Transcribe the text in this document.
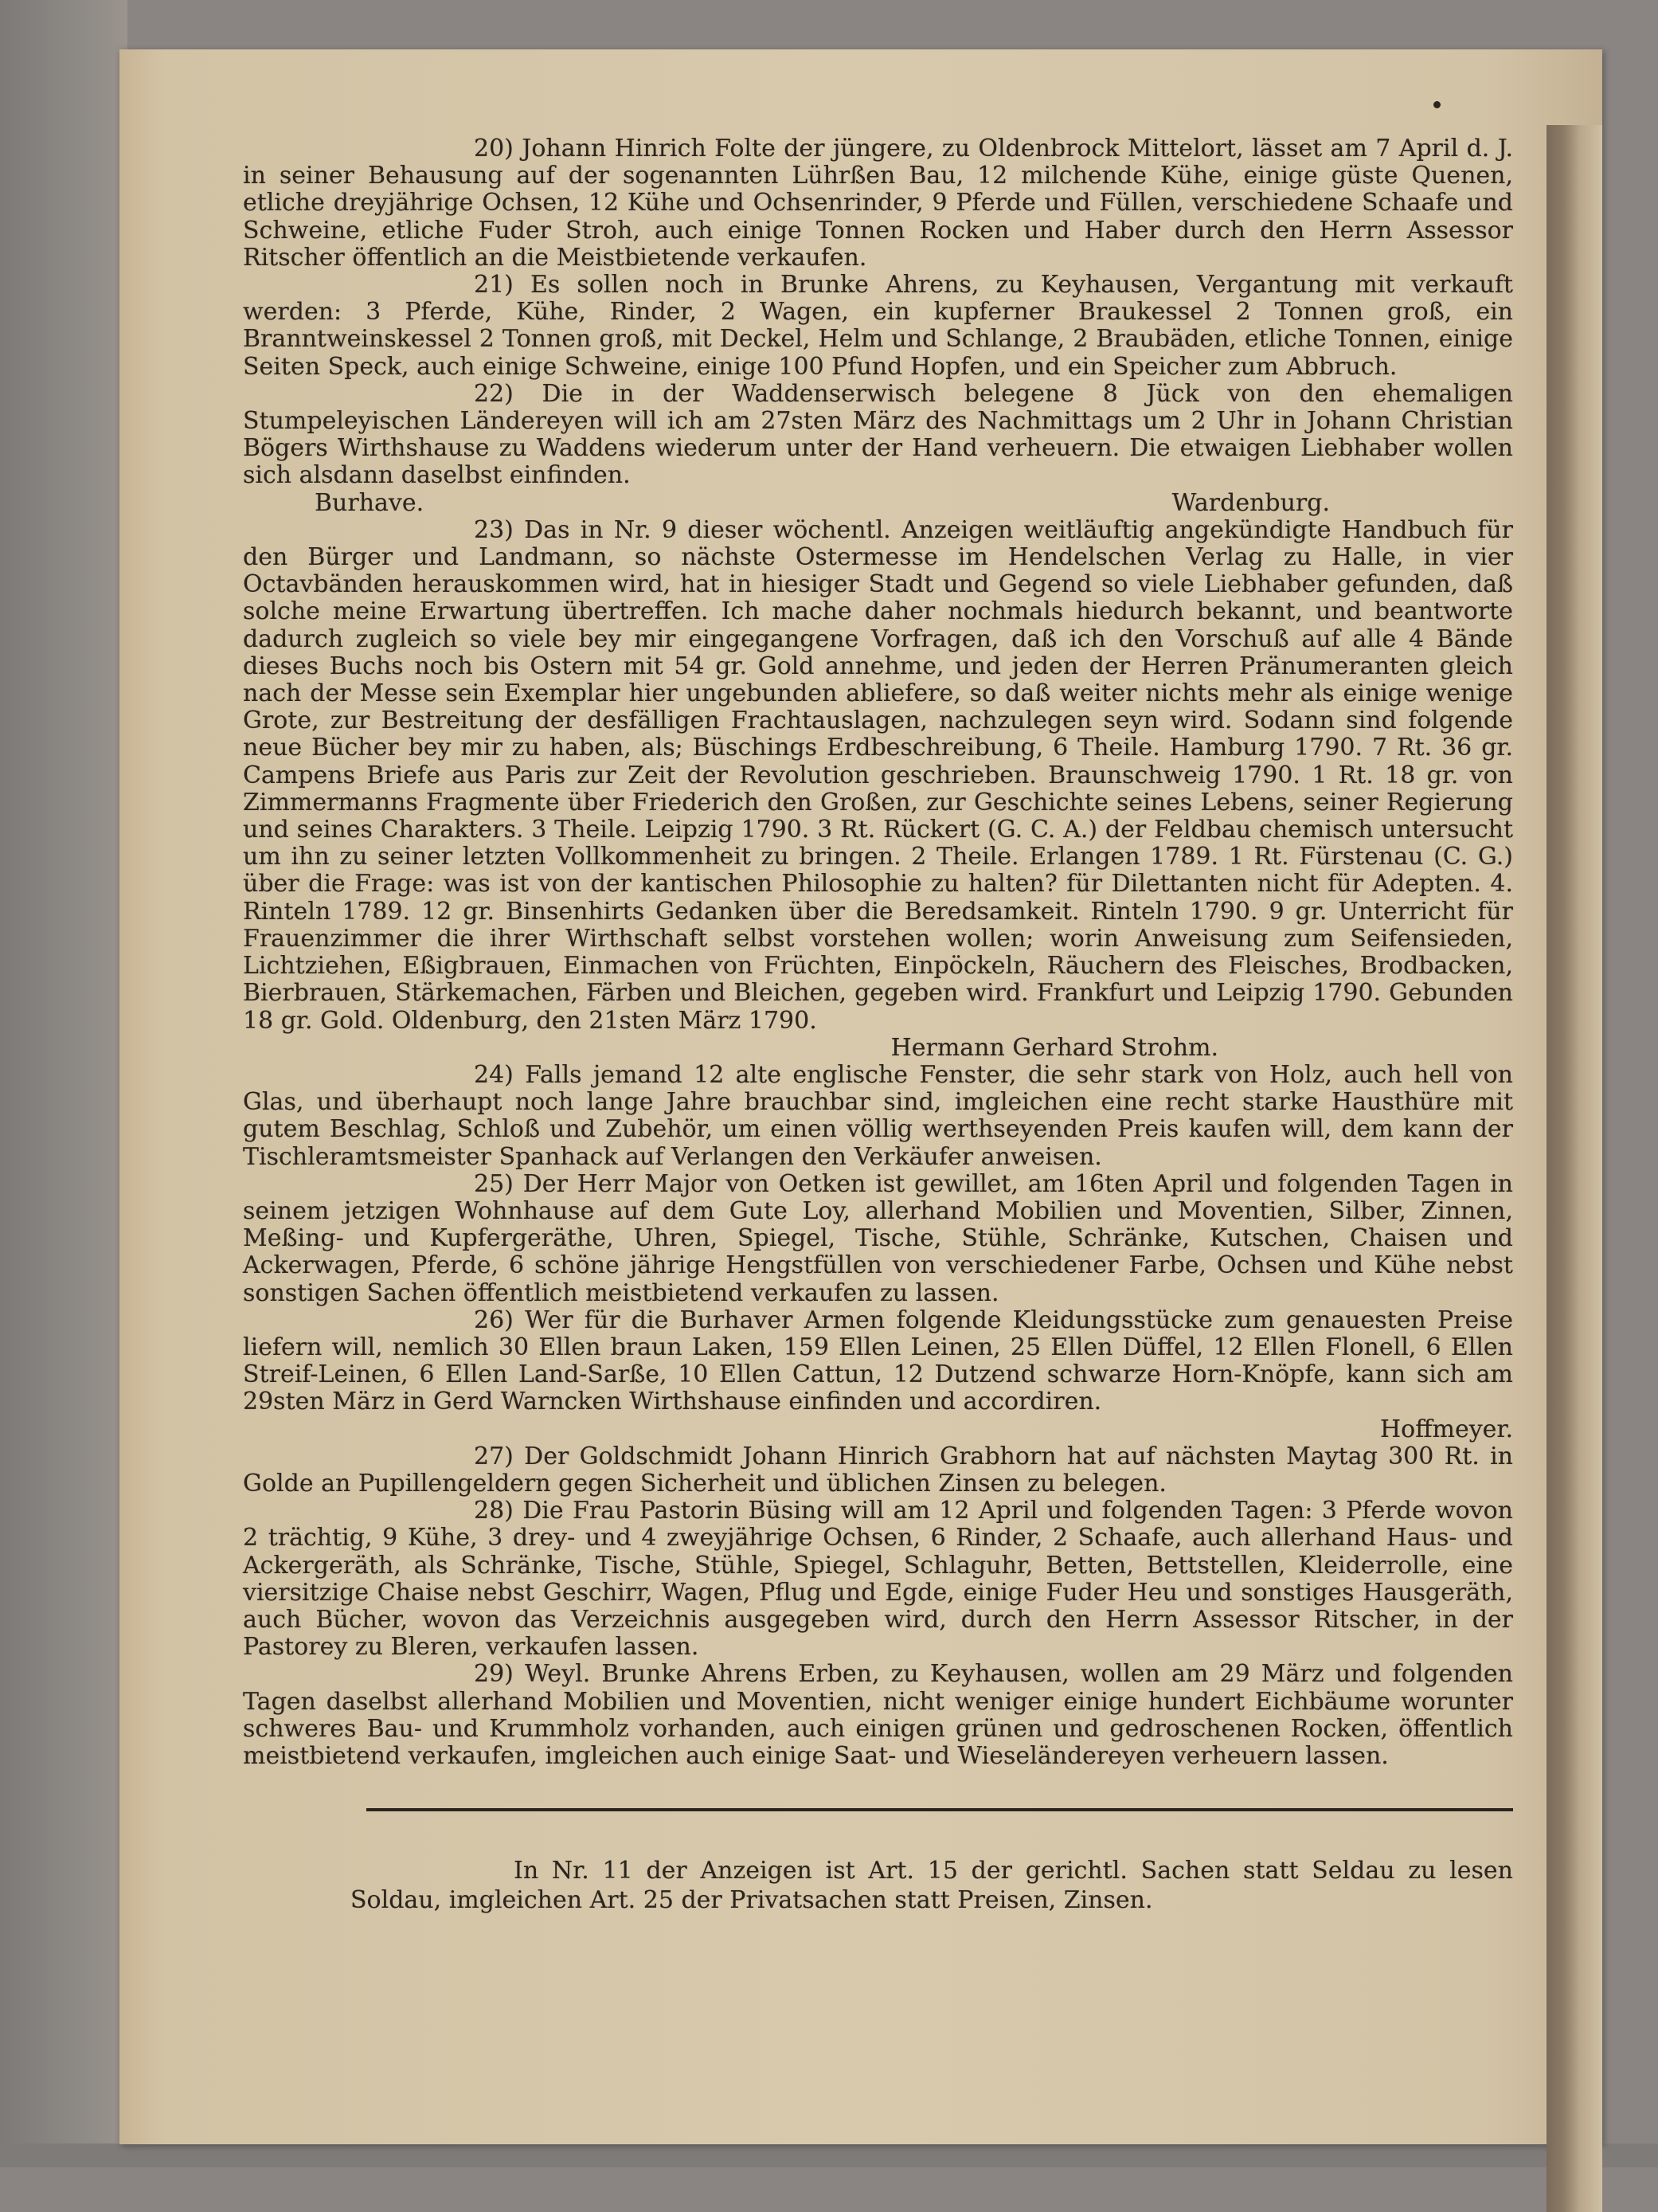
20) Johann Hinrich Folte der jüngere, zu Oldenbrock Mittelort, lässet am 7 April d. J. in seiner Behausung auf der sogenannten Lührßen Bau, 12 milchende Kühe, einige güste Quenen, etliche dreyjährige Ochsen, 12 Kühe und Ochsenrinder, 9 Pferde und Füllen, verschiedene Schaafe und Schweine, etliche Fuder Stroh, auch einige Tonnen Rocken und Haber durch den Herrn Assessor Ritscher öffentlich an die Meistbietende verkaufen.

21) Es sollen noch in Brunke Ahrens, zu Keyhausen, Vergantung mit verkauft werden: 3 Pferde, Kühe, Rinder, 2 Wagen, ein kupferner Braukessel 2 Tonnen groß, ein Branntweinskessel 2 Tonnen groß, mit Deckel, Helm und Schlange, 2 Braubäden, etliche Tonnen, einige Seiten Speck, auch einige Schweine, einige 100 Pfund Hopfen, und ein Speicher zum Abbruch.

22) Die in der Waddenserwisch belegene 8 Jück von den ehemaligen Stumpeleyischen Ländereyen will ich am 27sten März des Nachmittags um 2 Uhr in Johann Christian Bögers Wirthshause zu Waddens wiederum unter der Hand verheuern. Die etwaigen Liebhaber wollen sich alsdann daselbst einfinden.

Burhave.	Wardenburg.

23) Das in Nr. 9 dieser wöchentl. Anzeigen weitläuftig angekündigte Handbuch für den Bürger und Landmann, so nächste Ostermesse im Hendelschen Verlag zu Halle, in vier Octavbänden herauskommen wird, hat in hiesiger Stadt und Gegend so viele Liebhaber gefunden, daß solche meine Erwartung übertreffen. Ich mache daher nochmals hiedurch bekannt, und beantworte dadurch zugleich so viele bey mir eingegangene Vorfragen, daß ich den Vorschuß auf alle 4 Bände dieses Buchs noch bis Ostern mit 54 gr. Gold annehme, und jeden der Herren Pränumeranten gleich nach der Messe sein Exemplar hier ungebunden abliefere, so daß weiter nichts mehr als einige wenige Grote, zur Bestreitung der desfälligen Frachtauslagen, nachzulegen seyn wird. Sodann sind folgende neue Bücher bey mir zu haben, als; Büschings Erdbeschreibung, 6 Theile. Hamburg 1790. 7 Rt. 36 gr. Campens Briefe aus Paris zur Zeit der Revolution geschrieben. Braunschweig 1790. 1 Rt. 18 gr. von Zimmermanns Fragmente über Friederich den Großen, zur Geschichte seines Lebens, seiner Regierung und seines Charakters. 3 Theile. Leipzig 1790. 3 Rt. Rückert (G. C. A.) der Feldbau chemisch untersucht um ihn zu seiner letzten Vollkommenheit zu bringen. 2 Theile. Erlangen 1789. 1 Rt. Fürstenau (C. G.) über die Frage: was ist von der kantischen Philosophie zu halten? für Dilettanten nicht für Adepten. 4. Rinteln 1789. 12 gr. Binsenhirts Gedanken über die Beredsamkeit. Rinteln 1790. 9 gr. Unterricht für Frauenzimmer die ihrer Wirthschaft selbst vorstehen wollen; worin Anweisung zum Seifensieden, Lichtziehen, Eßigbrauen, Einmachen von Früchten, Einpöckeln, Räuchern des Fleisches, Brodbacken, Bierbrauen, Stärkemachen, Färben und Bleichen, gegeben wird. Frankfurt und Leipzig 1790. Gebunden 18 gr. Gold. Oldenburg, den 21sten März 1790.

Hermann Gerhard Strohm.

24) Falls jemand 12 alte englische Fenster, die sehr stark von Holz, auch hell von Glas, und überhaupt noch lange Jahre brauchbar sind, imgleichen eine recht starke Hausthüre mit gutem Beschlag, Schloß und Zubehör, um einen völlig werthseyenden Preis kaufen will, dem kann der Tischleramtsmeister Spanhack auf Verlangen den Verkäufer anweisen.

25) Der Herr Major von Oetken ist gewillet, am 16ten April und folgenden Tagen in seinem jetzigen Wohnhause auf dem Gute Loy, allerhand Mobilien und Moventien, Silber, Zinnen, Meßing- und Kupfergeräthe, Uhren, Spiegel, Tische, Stühle, Schränke, Kutschen, Chaisen und Ackerwagen, Pferde, 6 schöne jährige Hengstfüllen von verschiedener Farbe, Ochsen und Kühe nebst sonstigen Sachen öffentlich meistbietend verkaufen zu lassen.

26) Wer für die Burhaver Armen folgende Kleidungsstücke zum genauesten Preise liefern will, nemlich 30 Ellen braun Laken, 159 Ellen Leinen, 25 Ellen Düffel, 12 Ellen Flonell, 6 Ellen Streif-Leinen, 6 Ellen Land-Sarße, 10 Ellen Cattun, 12 Dutzend schwarze Horn-Knöpfe, kann sich am 29sten März in Gerd Warncken Wirthshause einfinden und accordiren.

Hoffmeyer.

27) Der Goldschmidt Johann Hinrich Grabhorn hat auf nächsten Maytag 300 Rt. in Golde an Pupillengeldern gegen Sicherheit und üblichen Zinsen zu belegen.

28) Die Frau Pastorin Büsing will am 12 April und folgenden Tagen: 3 Pferde wovon 2 trächtig, 9 Kühe, 3 drey- und 4 zweyjährige Ochsen, 6 Rinder, 2 Schaafe, auch allerhand Haus- und Ackergeräth, als Schränke, Tische, Stühle, Spiegel, Schlaguhr, Betten, Bettstellen, Kleiderrolle, eine viersitzige Chaise nebst Geschirr, Wagen, Pflug und Egde, einige Fuder Heu und sonstiges Hausgeräth, auch Bücher, wovon das Verzeichnis ausgegeben wird, durch den Herrn Assessor Ritscher, in der Pastorey zu Bleren, verkaufen lassen.

29) Weyl. Brunke Ahrens Erben, zu Keyhausen, wollen am 29 März und folgenden Tagen daselbst allerhand Mobilien und Moventien, nicht weniger einige hundert Eichbäume worunter schweres Bau- und Krummholz vorhanden, auch einigen grünen und gedroschenen Rocken, öffentlich meistbietend verkaufen, imgleichen auch einige Saat- und Wieseländereyen verheuern lassen.

In Nr. 11 der Anzeigen ist Art. 15 der gerichtl. Sachen statt Seldau zu lesen Soldau, imgleichen Art. 25 der Privatsachen statt Preisen, Zinsen.
